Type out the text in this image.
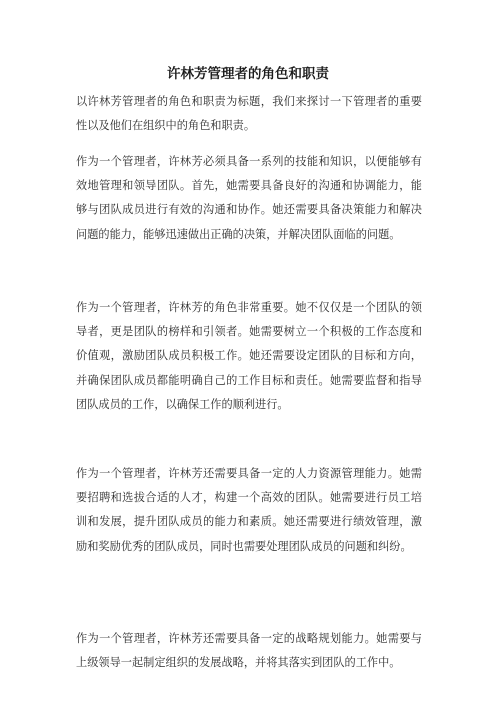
许林芳管理者的角色和职责

以许林芳管理者的角色和职责为标题，我们来探讨一下管理者的重要性以及他们在组织中的角色和职责。

作为一个管理者，许林芳必须具备一系列的技能和知识，以便能够有效地管理和领导团队。首先，她需要具备良好的沟通和协调能力，能够与团队成员进行有效的沟通和协作。她还需要具备决策能力和解决问题的能力，能够迅速做出正确的决策，并解决团队面临的问题。

作为一个管理者，许林芳的角色非常重要。她不仅仅是一个团队的领导者，更是团队的榜样和引领者。她需要树立一个积极的工作态度和价值观，激励团队成员积极工作。她还需要设定团队的目标和方向，并确保团队成员都能明确自己的工作目标和责任。她需要监督和指导团队成员的工作，以确保工作的顺利进行。

作为一个管理者，许林芳还需要具备一定的人力资源管理能力。她需要招聘和选拔合适的人才，构建一个高效的团队。她需要进行员工培训和发展，提升团队成员的能力和素质。她还需要进行绩效管理，激励和奖励优秀的团队成员，同时也需要处理团队成员的问题和纠纷。

作为一个管理者，许林芳还需要具备一定的战略规划能力。她需要与上级领导一起制定组织的发展战略，并将其落实到团队的工作中。
